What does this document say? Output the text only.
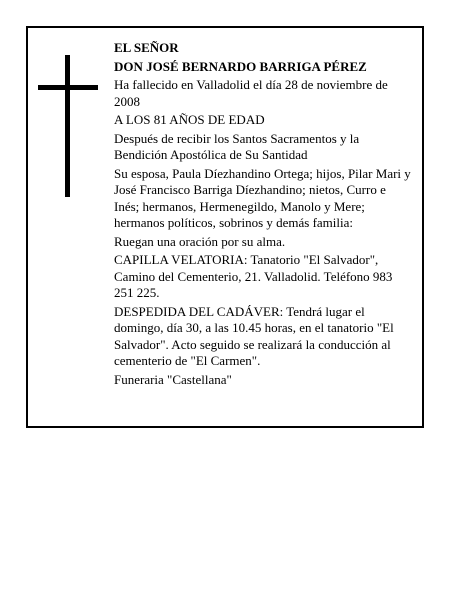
EL SEÑOR

DON JOSÉ BERNARDO BARRIGA PÉREZ

Ha fallecido en Valladolid el día 28 de noviembre de 2008

A LOS 81 AÑOS DE EDAD

Después de recibir los Santos Sacramentos y la Bendición Apostólica de Su Santidad

Su esposa, Paula Díezhandino Ortega; hijos, Pilar Mari y José Francisco Barriga Díezhandino; nietos, Curro e Inés; hermanos, Hermenegildo, Manolo y Mere; hermanos políticos, sobrinos y demás familia:

Ruegan una oración por su alma.

CAPILLA VELATORIA: Tanatorio "El Salvador", Camino del Cementerio, 21. Valladolid. Teléfono 983 251 225.

DESPEDIDA DEL CADÁVER: Tendrá lugar el domingo, día 30, a las 10.45 horas, en el tanatorio "El Salvador". Acto seguido se realizará la conducción al cementerio de "El Carmen".

Funeraria "Castellana"
